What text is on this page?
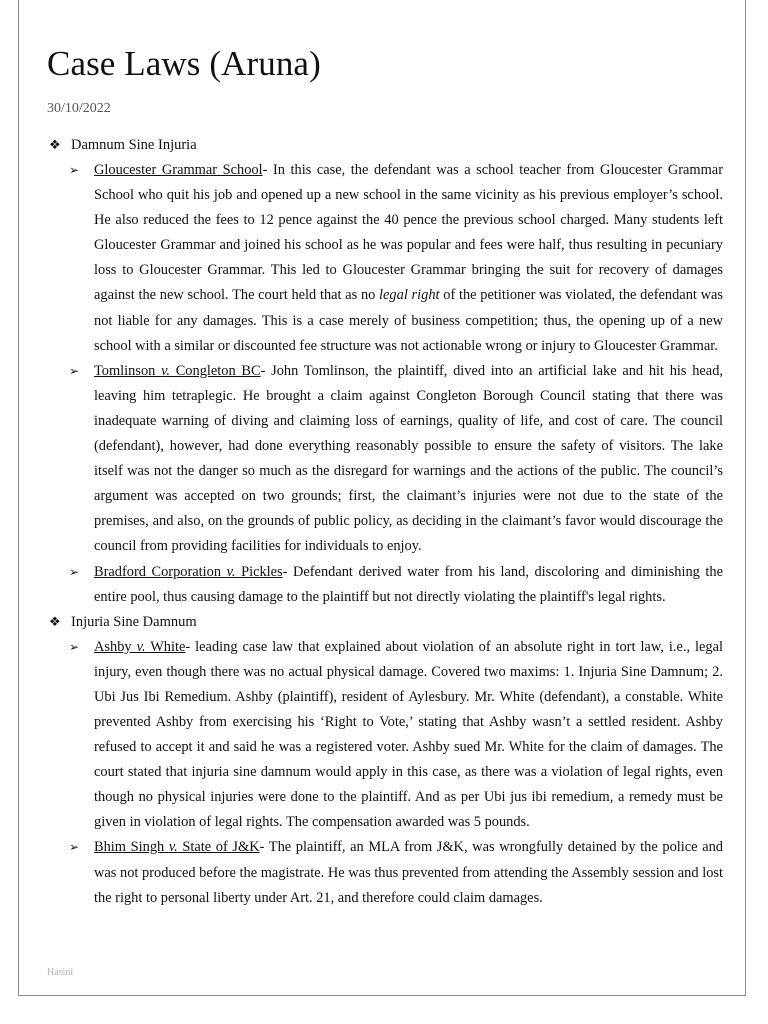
Case Laws (Aruna)
30/10/2022
❖ Damnum Sine Injuria
➢ Gloucester Grammar School- In this case, the defendant was a school teacher from Gloucester Grammar School who quit his job and opened up a new school in the same vicinity as his previous employer’s school. He also reduced the fees to 12 pence against the 40 pence the previous school charged. Many students left Gloucester Grammar and joined his school as he was popular and fees were half, thus resulting in pecuniary loss to Gloucester Grammar. This led to Gloucester Grammar bringing the suit for recovery of damages against the new school. The court held that as no legal right of the petitioner was violated, the defendant was not liable for any damages. This is a case merely of business competition; thus, the opening up of a new school with a similar or discounted fee structure was not actionable wrong or injury to Gloucester Grammar.
➢ Tomlinson v. Congleton BC- John Tomlinson, the plaintiff, dived into an artificial lake and hit his head, leaving him tetraplegic. He brought a claim against Congleton Borough Council stating that there was inadequate warning of diving and claiming loss of earnings, quality of life, and cost of care. The council (defendant), however, had done everything reasonably possible to ensure the safety of visitors. The lake itself was not the danger so much as the disregard for warnings and the actions of the public. The council’s argument was accepted on two grounds; first, the claimant’s injuries were not due to the state of the premises, and also, on the grounds of public policy, as deciding in the claimant’s favor would discourage the council from providing facilities for individuals to enjoy.
➢ Bradford Corporation v. Pickles- Defendant derived water from his land, discoloring and diminishing the entire pool, thus causing damage to the plaintiff but not directly violating the plaintiff's legal rights.
❖ Injuria Sine Damnum
➢ Ashby v. White- leading case law that explained about violation of an absolute right in tort law, i.e., legal injury, even though there was no actual physical damage. Covered two maxims: 1. Injuria Sine Damnum; 2. Ubi Jus Ibi Remedium. Ashby (plaintiff), resident of Aylesbury. Mr. White (defendant), a constable. White prevented Ashby from exercising his ‘Right to Vote,’ stating that Ashby wasn’t a settled resident. Ashby refused to accept it and said he was a registered voter. Ashby sued Mr. White for the claim of damages. The court stated that injuria sine damnum would apply in this case, as there was a violation of legal rights, even though no physical injuries were done to the plaintiff. And as per Ubi jus ibi remedium, a remedy must be given in violation of legal rights. The compensation awarded was 5 pounds.
➢ Bhim Singh v. State of J&K- The plaintiff, an MLA from J&K, was wrongfully detained by the police and was not produced before the magistrate. He was thus prevented from attending the Assembly session and lost the right to personal liberty under Art. 21, and therefore could claim damages.
Hasini
